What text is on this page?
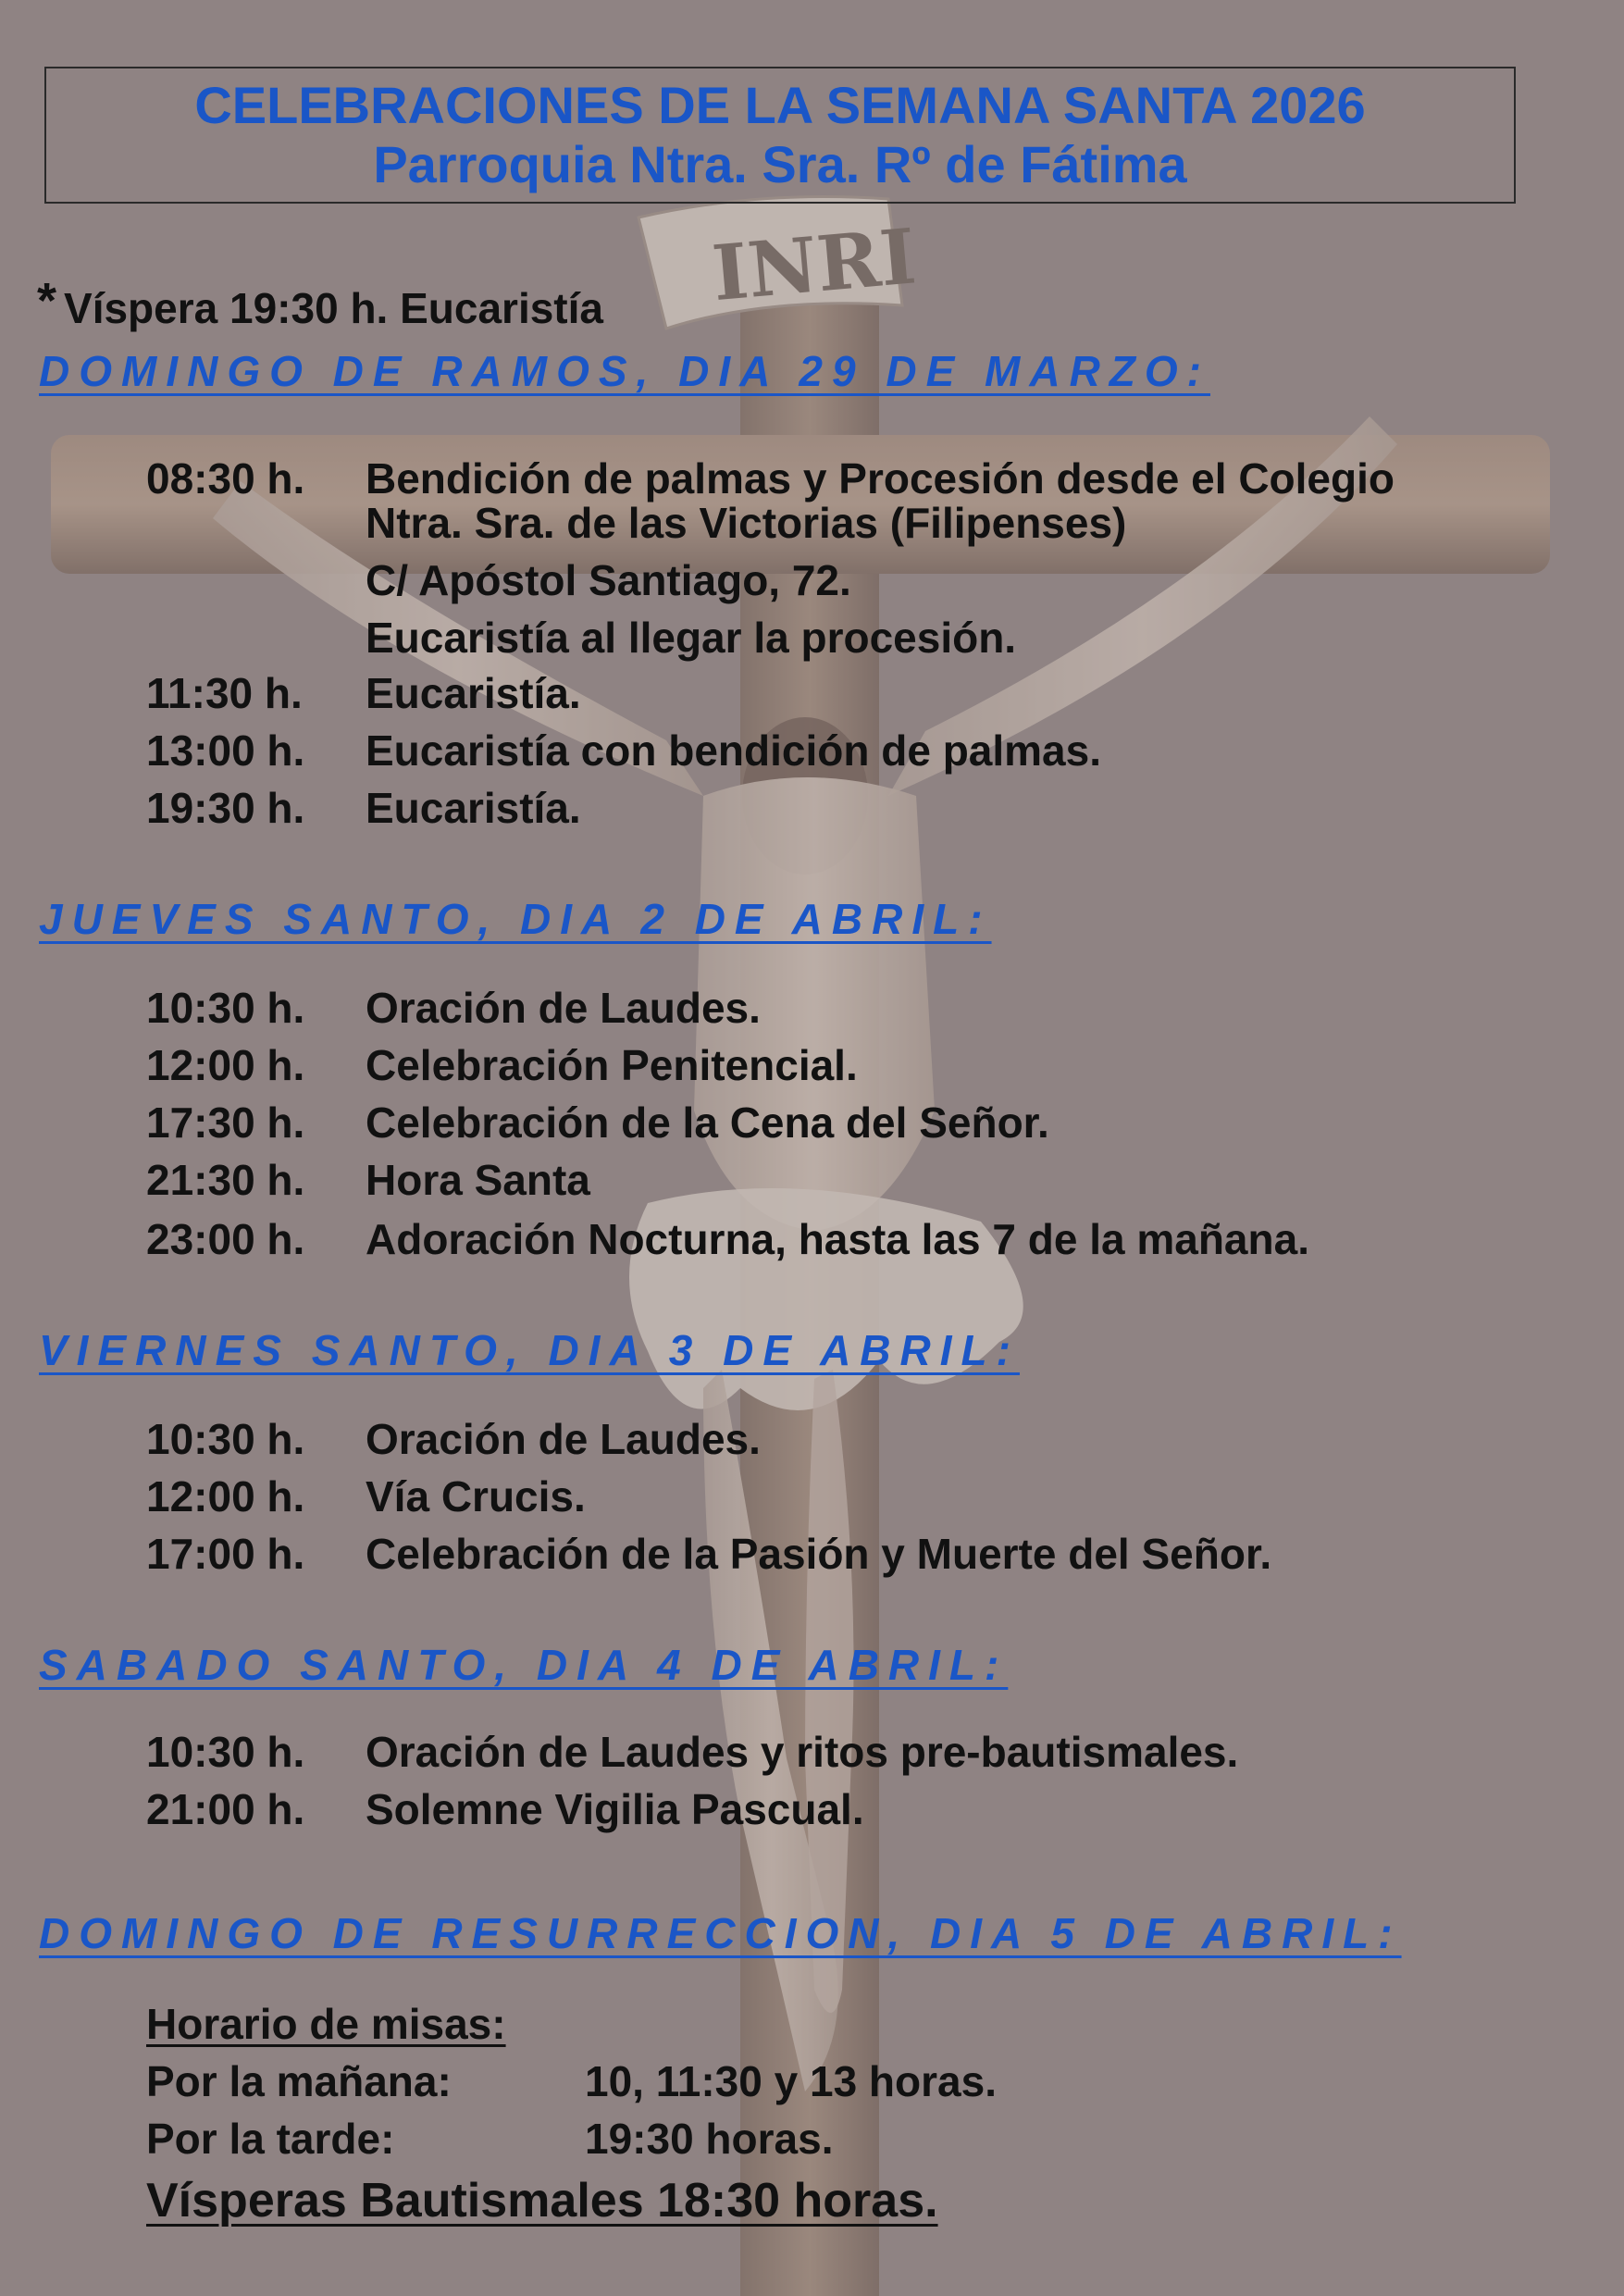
INRI
CELEBRACIONES DE LA SEMANA SANTA 2026
Parroquia Ntra. Sra. Rº de Fátima
* Víspera 19:30 h. Eucaristía
DOMINGO DE RAMOS, DIA 29 DE MARZO:
08:30 h. Bendición de palmas y Procesión desde el Colegio
Ntra. Sra. de las Victorias (Filipenses)
C/ Apóstol Santiago, 72.
Eucaristía al llegar la procesión.
11:30 h. Eucaristía.
13:00 h. Eucaristía con bendición de palmas.
19:30 h. Eucaristía.
JUEVES SANTO, DIA 2 DE ABRIL:
10:30 h. Oración de Laudes.
12:00 h. Celebración Penitencial.
17:30 h. Celebración de la Cena del Señor.
21:30 h. Hora Santa
23:00 h. Adoración Nocturna, hasta las 7 de la mañana.
VIERNES SANTO, DIA 3 DE ABRIL:
10:30 h. Oración de Laudes.
12:00 h. Vía Crucis.
17:00 h. Celebración de la Pasión y Muerte del Señor.
SABADO SANTO, DIA 4 DE ABRIL:
10:30 h. Oración de Laudes y ritos pre-bautismales.
21:00 h. Solemne Vigilia Pascual.
DOMINGO DE RESURRECCION, DIA 5 DE ABRIL:
Horario de misas:
Por la mañana:	10, 11:30 y 13 horas.
Por la tarde:	19:30 horas.
Vísperas Bautismales 18:30 horas.
